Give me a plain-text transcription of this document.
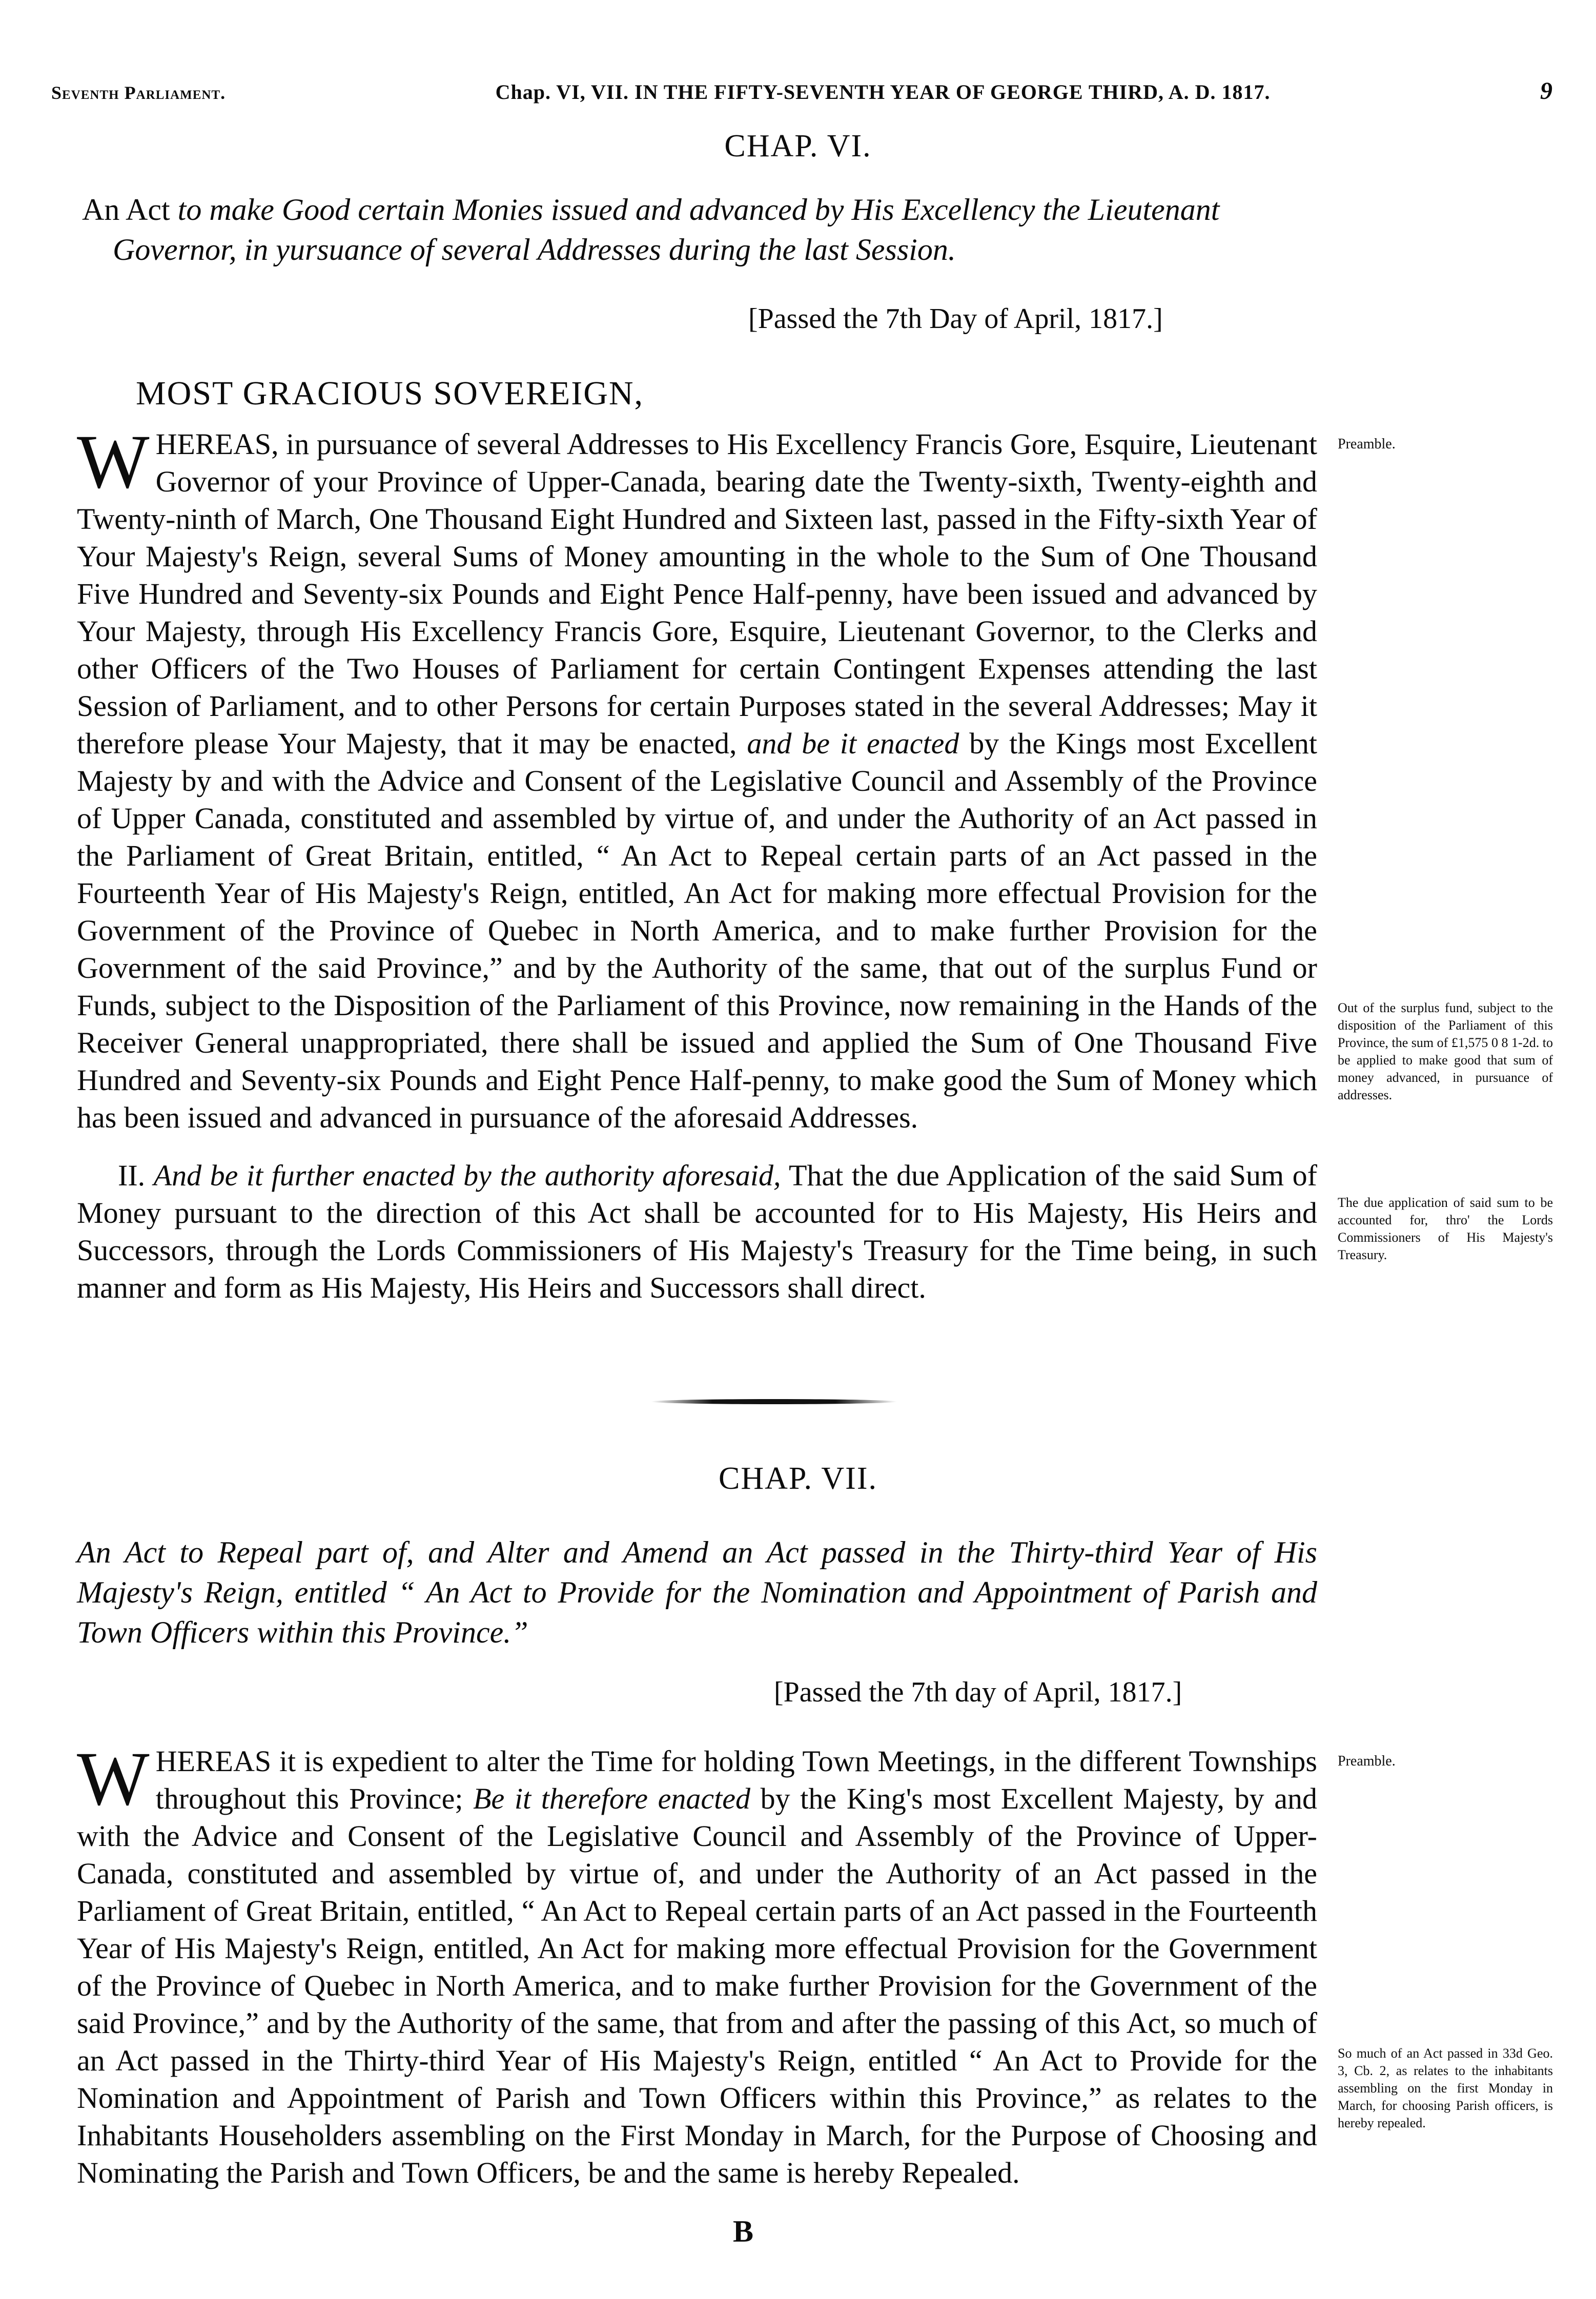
Seventh Parliament.	Chap. VI, VII. IN THE FIFTY-SEVENTH YEAR OF GEORGE THIRD, A. D. 1817.	9
CHAP. VI.
An Act to make Good certain Monies issued and advanced by His Excellency the Lieutenant
Governor, in yursuance of several Addresses during the last Session.
[Passed the 7th Day of April, 1817.]
MOST GRACIOUS SOVEREIGN,

WHEREAS, in pursuance of several Addresses to His Excellency Francis Gore, Esquire, Lieutenant Governor of your Province of Upper-Canada, bearing date the Twenty-sixth, Twenty-eighth and Twenty-ninth of March, One Thousand Eight Hundred and Sixteen last, passed in the Fifty-sixth Year of Your Majesty's Reign, several Sums of Money amounting in the whole to the Sum of One Thousand Five Hundred and Seventy-six Pounds and Eight Pence Half-penny, have been issued and advanced by Your Majesty, through His Excellency Francis Gore, Esquire, Lieutenant Governor, to the Clerks and other Officers of the Two Houses of Parliament for certain Contingent Expenses attending the last Session of Parliament, and to other Persons for certain Purposes stated in the several Addresses; May it therefore please Your Majesty, that it may be enacted, and be it enacted by the Kings most Excellent Majesty by and with the Advice and Consent of the Legislative Council and Assembly of the Province of Upper Canada, constituted and assembled by virtue of, and under the Authority of an Act passed in the Parliament of Great Britain, entitled, “ An Act to Repeal certain parts of an Act passed in the Fourteenth Year of His Majesty's Reign, entitled, An Act for making more effectual Provision for the Government of the Province of Quebec in North America, and to make further Provision for the Government of the said Province,” and by the Authority of the same, that out of the surplus Fund or Funds, subject to the Disposition of the Parliament of this Province, now remaining in the Hands of the Receiver General unappropriated, there shall be issued and applied the Sum of One Thousand Five Hundred and Seventy-six Pounds and Eight Pence Half-penny, to make good the Sum of Money which has been issued and advanced in pursuance of the aforesaid Addresses.

II. And be it further enacted by the authority aforesaid, That the due Application of the said Sum of Money pursuant to the direction of this Act shall be accounted for to His Majesty, His Heirs and Successors, through the Lords Commissioners of His Majesty's Treasury for the Time being, in such manner and form as His Majesty, His Heirs and Successors shall direct.

Preamble.
Out of the surplus fund, subject to the disposition of the Parliament of this Province, the sum of £1,575 0 8 1-2d. to be applied to make good that sum of money advanced, in pursuance of addresses.
The due application of said sum to be accounted for, thro' the Lords Commissioners of His Majesty's Treasury.
CHAP. VII.
An Act to Repeal part of, and Alter and Amend an Act passed in the Thirty-third Year of His Majesty's Reign, entitled “ An Act to Provide for the Nomination and Appointment of Parish and Town Officers within this Province.”
[Passed the 7th day of April, 1817.]

WHEREAS it is expedient to alter the Time for holding Town Meetings, in the different Townships throughout this Province; Be it therefore enacted by the King's most Excellent Majesty, by and with the Advice and Consent of the Legislative Council and Assembly of the Province of Upper-Canada, constituted and assembled by virtue of, and under the Authority of an Act passed in the Parliament of Great Britain, entitled, “ An Act to Repeal certain parts of an Act passed in the Fourteenth Year of His Majesty's Reign, entitled, An Act for making more effectual Provision for the Government of the Province of Quebec in North America, and to make further Provision for the Government of the said Province,” and by the Authority of the same, that from and after the passing of this Act, so much of an Act passed in the Thirty-third Year of His Majesty's Reign, entitled “ An Act to Provide for the Nomination and Appointment of Parish and Town Officers within this Province,” as relates to the Inhabitants Householders assembling on the First Monday in March, for the Purpose of Choosing and Nominating the Parish and Town Officers, be and the same is hereby Repealed.

Preamble.
So much of an Act passed in 33d Geo. 3, Cb. 2, as relates to the inhabitants assembling on the first Monday in March, for choosing Parish officers, is hereby repealed.
B
